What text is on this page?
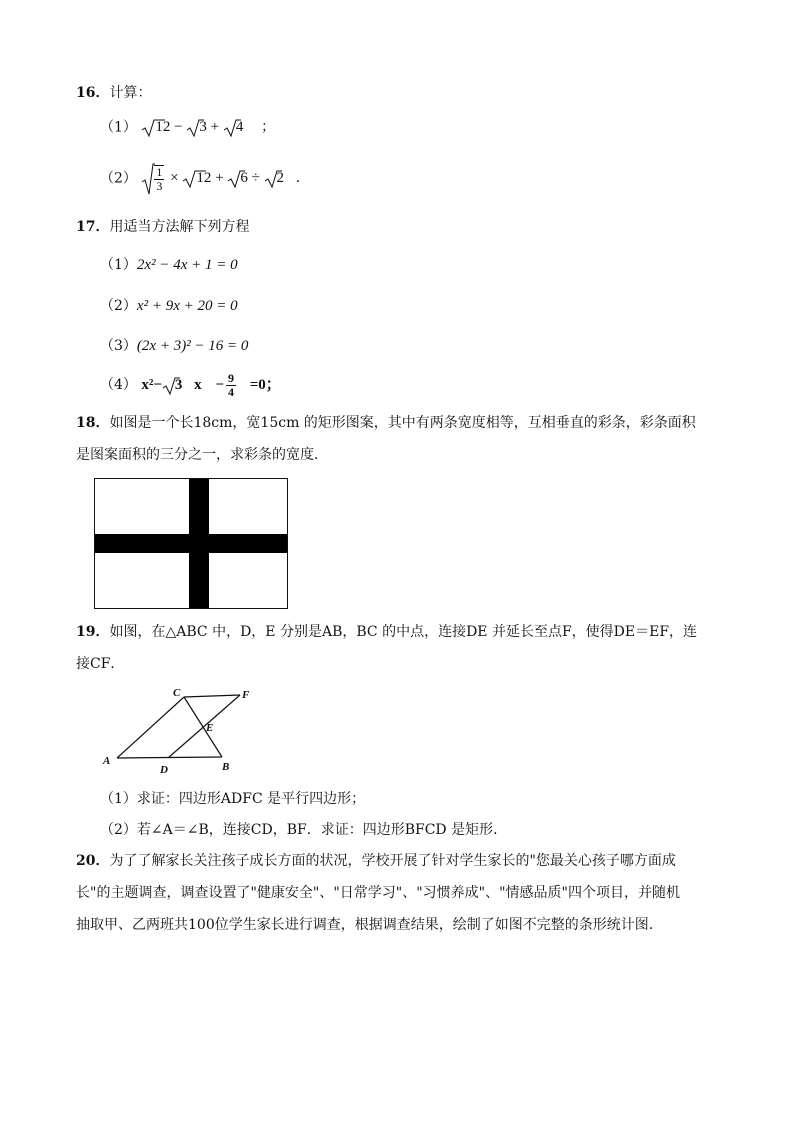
16．计算：
（1） 12 − 3 + 4 ；
$(2) \frac{1}{3} \times 12 + 6 \div 2$ .
17．用适当方法解下列方程
（1）2x² − 4x + 1 = 0
（2）x² + 9x + 20 = 0
（3）(2x + 3)² − 16 = 0
（4） x²− 3 $x - \frac{9}{4} =0$；
18．如图是一个长18cm，宽15cm 的矩形图案，其中有两条宽度相等，互相垂直的彩条，彩条面积
是图案面积的三分之一，求彩条的宽度．
19．如图，在△ABC 中，D，E 分别是AB，BC 的中点，连接DE 并延长至点F，使得DE＝EF，连
接CF．
A	B
C
D
E
F
（1）求证：四边形ADFC 是平行四边形；
（2）若∠A＝∠B，连接CD，BF．求证：四边形BFCD 是矩形．
20．为了了解家长关注孩子成长方面的状况，学校开展了针对学生家长的"您最关心孩子哪方面成
长"的主题调查，调查设置了"健康安全"、"日常学习"、"习惯养成"、"情感品质"四个项目，并随机
抽取甲、乙两班共100位学生家长进行调查，根据调查结果，绘制了如图不完整的条形统计图．
